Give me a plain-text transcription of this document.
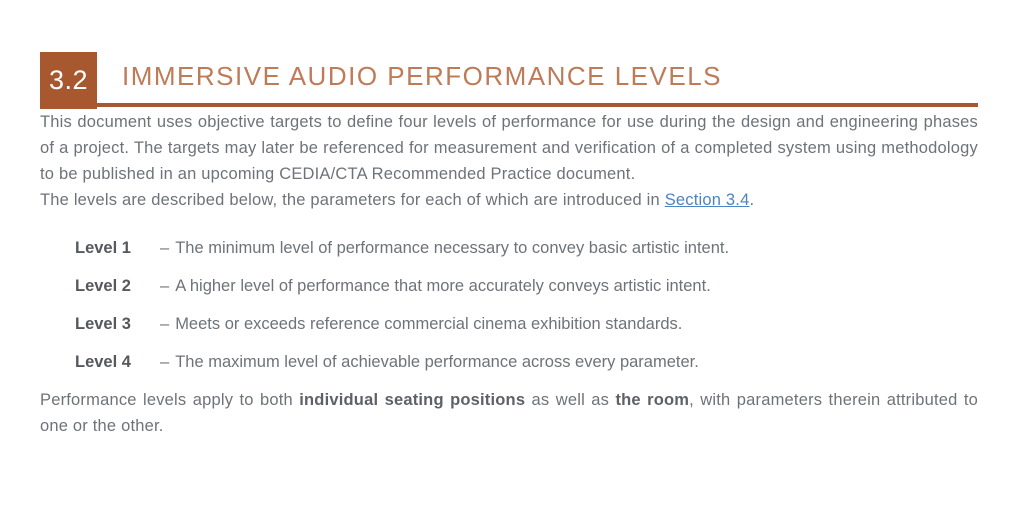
3.2	IMMERSIVE AUDIO PERFORMANCE LEVELS

This document uses objective targets to define four levels of performance for use during the design and engineering phases of a project. The targets may later be referenced for measurement and verification of a completed system using methodology to be published in an upcoming CEDIA/CTA Recommended Practice document.

The levels are described below, the parameters for each of which are introduced in Section 3.4.

Level 1	– The minimum level of performance necessary to convey basic artistic intent.
Level 2	– A higher level of performance that more accurately conveys artistic intent.
Level 3	– Meets or exceeds reference commercial cinema exhibition standards.
Level 4	– The maximum level of achievable performance across every parameter.

Performance levels apply to both individual seating positions as well as the room, with parameters therein attributed to one or the other.
